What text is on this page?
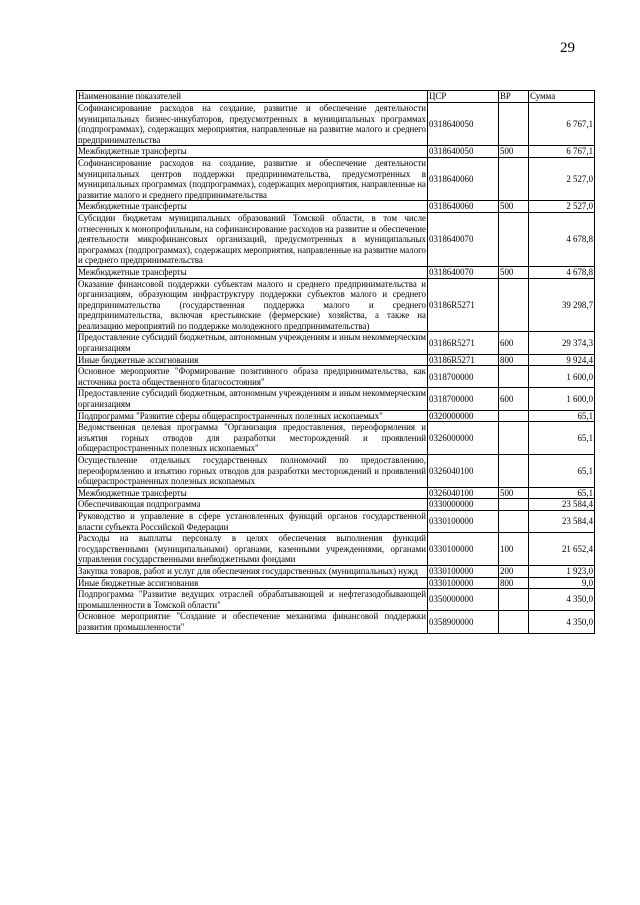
29
Наименование показателей	ЦСР	ВР	Сумма
Софинансирование расходов на создание, развитие и обеспечение деятельности муниципальных бизнес-инкубаторов, предусмотренных в муниципальных программах (подпрограммах), содержащих мероприятия, направленные на развитие малого и среднего предпринимательства	0318640050		6 767,1
Межбюджетные трансферты	0318640050	500	6 767,1
Софинансирование расходов на создание, развитие и обеспечение деятельности муниципальных центров поддержки предпринимательства, предусмотренных в муниципальных программах (подпрограммах), содержащих мероприятия, направленные на развитие малого и среднего предпринимательства	0318640060		2 527,0
Межбюджетные трансферты	0318640060	500	2 527,0
Субсидии бюджетам муниципальных образований Томской области, в том числе отнесенных к монопрофильным, на софинансирование расходов на развитие и обеспечение деятельности микрофинансовых организаций, предусмотренных в муниципальных программах (подпрограммах), содержащих мероприятия, направленные на развитие малого и среднего предпринимательства	0318640070		4 678,8
Межбюджетные трансферты	0318640070	500	4 678,8
Оказание финансовой поддержки субъектам малого и среднего предпринимательства и организациям, образующим инфраструктуру поддержки субъектов малого и среднего предпринимательства (государственная поддержка малого и среднего предпринимательства, включая крестьянские (фермерские) хозяйства, а также на реализацию мероприятий по поддержке молодежного предпринимательства)	03186R5271		39 298,7
Предоставление субсидий бюджетным, автономным учреждениям и иным некоммерческим организациям	03186R5271	600	29 374,3
Иные бюджетные ассигнования	03186R5271	800	9 924,4
Основное мероприятие "Формирование позитивного образа предпринимательства, как источника роста общественного благосостояния"	0318700000		1 600,0
Предоставление субсидий бюджетным, автономным учреждениям и иным некоммерческим организациям	0318700000	600	1 600,0
Подпрограмма "Развитие сферы общераспространенных полезных ископаемых"	0320000000		65,1
Ведомственная целевая программа "Организация предоставления, переоформления и изъятия горных отводов для разработки месторождений и проявлений общераспространенных полезных ископаемых"	0326000000		65,1
Осуществление отдельных государственных полномочий по предоставлению, переоформлению и изъятию горных отводов для разработки месторождений и проявлений общераспространенных полезных ископаемых	0326040100		65,1
Межбюджетные трансферты	0326040100	500	65,1
Обеспечивающая подпрограмма	0330000000		23 584,4
Руководство и управление в сфере установленных функций органов государственной власти субъекта Российской Федерации	0330100000		23 584,4
Расходы на выплаты персоналу в целях обеспечения выполнения функций государственными (муниципальными) органами, казенными учреждениями, органами управления государственными внебюджетными фондами	0330100000	100	21 652,4
Закупка товаров, работ и услуг для обеспечения государственных (муниципальных) нужд	0330100000	200	1 923,0
Иные бюджетные ассигнования	0330100000	800	9,0
Подпрограмма "Развитие ведущих отраслей обрабатывающей и нефтегазодобывающей промышленности в Томской области"	0350000000		4 350,0
Основное мероприятие "Создание и обеспечение механизма финансовой поддержки развития промышленности"	0358900000		4 350,0
